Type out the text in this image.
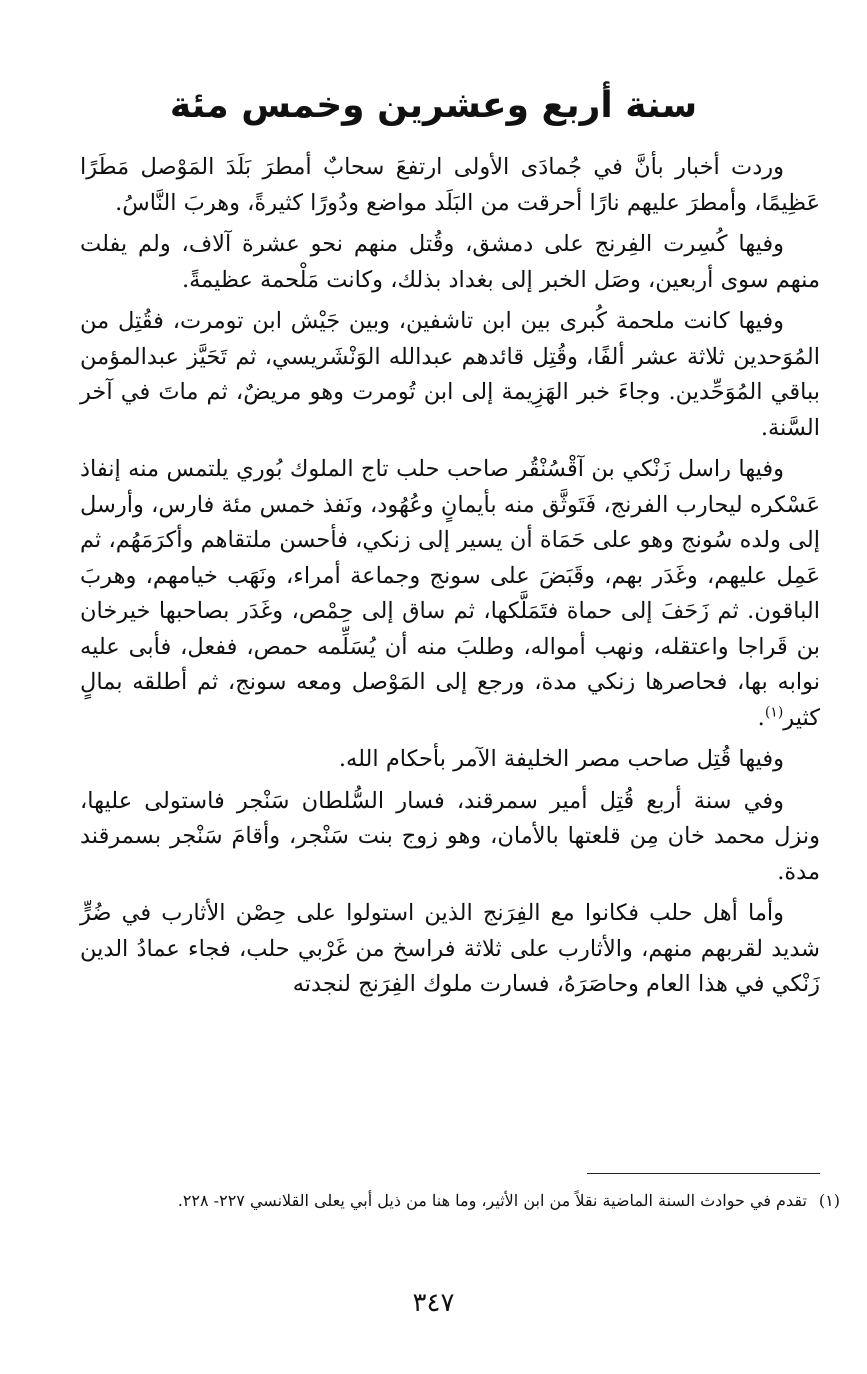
سنة أربع وعشرين وخمس مئة

وردت أخبار بأنَّ في جُمادَى الأولى ارتفعَ سحابٌ أمطرَ بَلَدَ المَوْصل مَطَرًا عَظِيمًا، وأمطرَ عليهم نارًا أحرقت من البَلَد مواضع ودُورًا كثيرةً، وهربَ النَّاسُ.

وفيها كُسِرت الفِرنج على دمشق، وقُتل منهم نحو عشرة آلاف، ولم يفلت منهم سوى أربعين، وصَل الخبر إلى بغداد بذلك، وكانت مَلْحمة عظيمةً.

وفيها كانت ملحمة كُبرى بين ابن تاشفين، وبين جَيْش ابن تومرت، فقُتِل من المُوَحدين ثلاثة عشر ألفًا، وقُتِل قائدهم عبدالله الوَنْشَريسي، ثم تَحَيَّز عبدالمؤمن بباقي المُوَحِّدين. وجاءَ خبر الهَزِيمة إلى ابن تُومرت وهو مريضٌ، ثم ماتَ في آخر السَّنة.

وفيها راسل زَنْكي بن آقْسُنْقُر صاحب حلب تاج الملوك بُوري يلتمس منه إنفاذ عَسْكره ليحارب الفرنج، فَتَوثَّق منه بأيمانٍ وعُهُود، ونَفذ خمس مئة فارس، وأرسل إلى ولده سُونج وهو على حَمَاة أن يسير إلى زنكي، فأحسن ملتقاهم وأكرَمَهُم، ثم عَمِل عليهم، وغَدَر بهم، وقَبَضَ على سونج وجماعة أمراء، ونَهَب خيامهم، وهربَ الباقون. ثم زَحَفَ إلى حماة فتَمَلَّكها، ثم ساق إلى حِمْص، وغَدَر بصاحبها خيرخان بن قَراجا واعتقله، ونهب أمواله، وطلبَ منه أن يُسَلِّمه حمص، ففعل، فأبى عليه نوابه بها، فحاصرها زنكي مدة، ورجع إلى المَوْصل ومعه سونج، ثم أطلقه بمالٍ كثير$^{(١)}$.

وفيها قُتِل صاحب مصر الخليفة الآمر بأحكام الله.

وفي سنة أربع قُتِل أمير سمرقند، فسار السُّلطان سَنْجر فاستولى عليها، ونزل محمد خان مِن قلعتها بالأمان، وهو زوج بنت سَنْجر، وأقامَ سَنْجر بسمرقند مدة.

وأما أهل حلب فكانوا مع الفِرَنج الذين استولوا على حِصْن الأثارب في ضُرٍّ شديد لقربهم منهم، والأثارب على ثلاثة فراسخ من غَرْبي حلب، فجاء عمادُ الدين زَنْكي في هذا العام وحاصَرَهُ، فسارت ملوك الفِرَنج لنجدته

(١)
تقدم في حوادث السنة الماضية نقلاً من ابن الأثير، وما هنا من ذيل أبي يعلى القلانسي ٢٢٧- ٢٢٨.
٣٤٧
